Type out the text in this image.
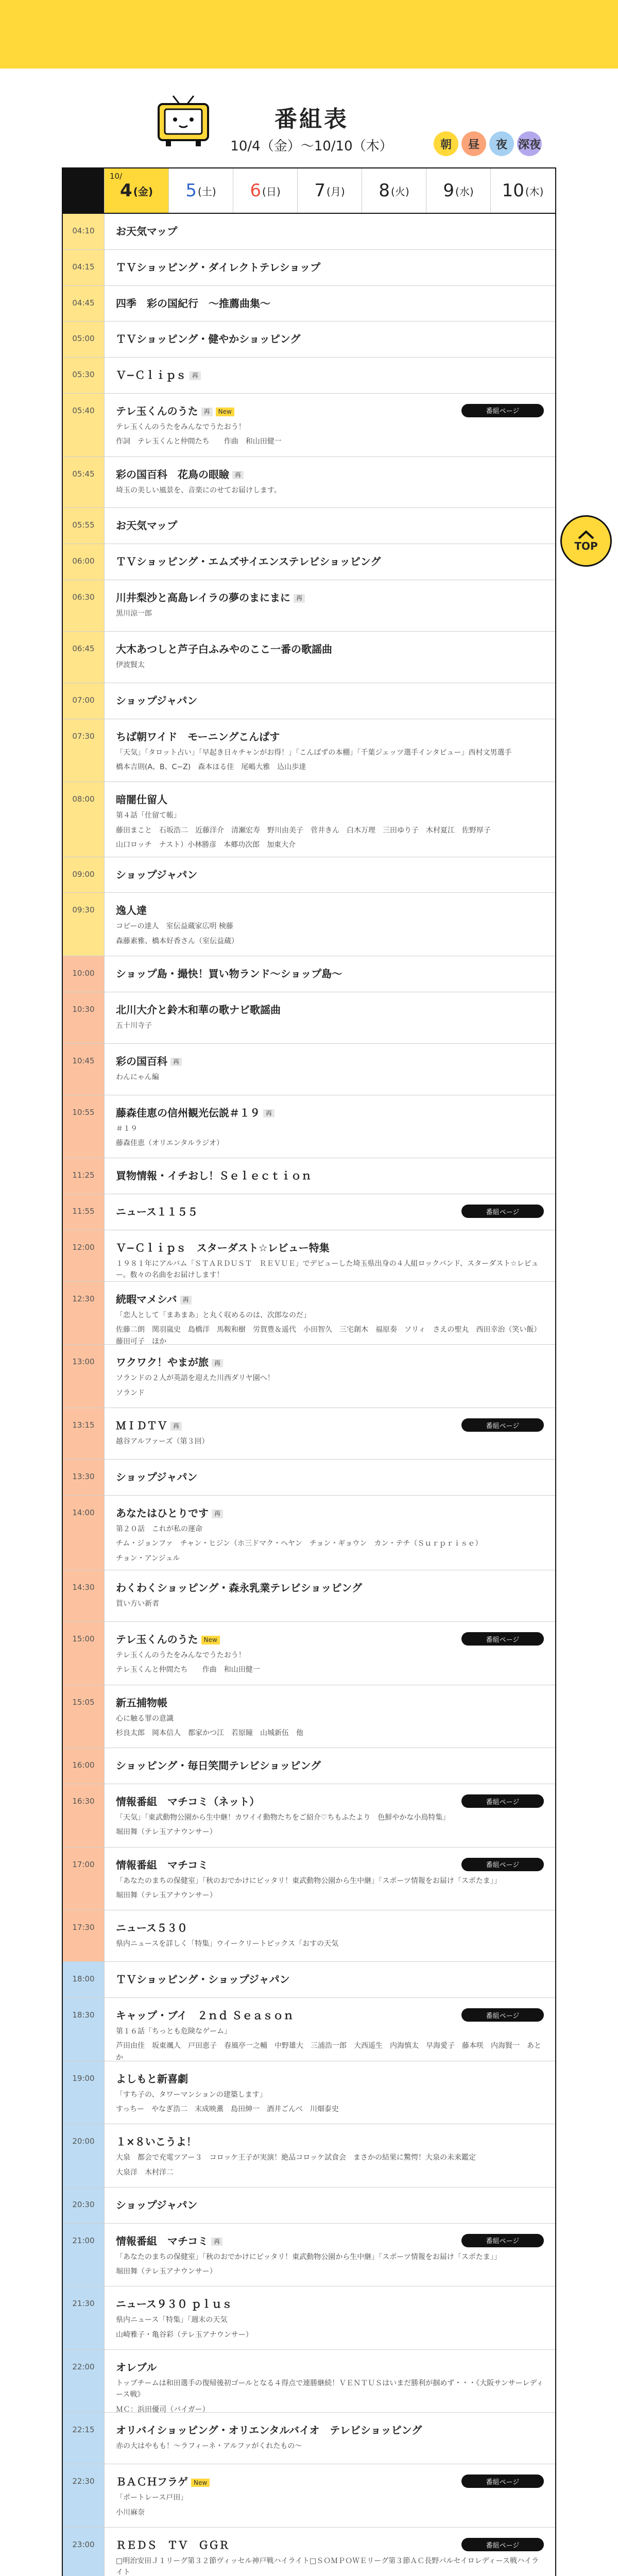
番組表
10/4（金）〜10/10（木）	朝	昼	夜 深夜
10/
4 (金) 5 (土) 6 (日) 7 (月) 8 (火) 9 (水) 10 (木)
04:10	お天気マップ
04:15	ＴＶショッピング・ダイレクトテレショップ
04:45	四季　彩の国紀行　〜推薦曲集〜
05:00	ＴＶショッピング・健やかショッピング
05:30	Ｖ−Ｃｌｉｐｓ 再
05:40	テレ玉くんのうた 再 New
テレ玉くんのうたをみんなでうたおう！
作詞　テレ玉くんと仲間たち　　作曲　和山田健一
番組ページ
05:45	彩の国百科　花鳥の眼瞼 再
埼玉の美しい風景を、音楽にのせてお届けします。
05:55	お天気マップ
06:00	ＴＶショッピング・エムズサイエンステレビショッピング
06:30	川井梨沙と高島レイラの夢のまにまに 再
黒川涼一郎
06:45	大木あつしと芦子白ふみやのここ一番の歌謡曲
伊波賢太
07:00	ショップジャパン
07:30	ちば朝ワイド　モーニングこんぱす
「天気」「タロット占い」「早起き日々チャンがお得！」「こんばずの本棚」「千葉ジェッツ選手インタビュー」西村文男選手
橋本吉則(A、B、C−Z)　森本ほる佳　尾嶋大雅　込山歩達
08:00	暗闇仕留人
第４話「仕留て帳」
藤田まこと　石坂浩二　近藤洋介　清瀬宏寿　野川由美子　菅井きん　白木万理　三田ゆり子　木村夏江　佐野厚子
山口ロッチ　ナスト）小林勝彦　本郷功次郎　加東大介
09:00	ショップジャパン
09:30	逸人達
コピーの達人　室伝益蔵家広明 検藤
森藤素雅、橋本好香さん（室伝益蔵）
10:00	ショップ島・撮快！買い物ランド〜ショップ島〜
10:30	北川大介と鈴木和華の歌ナビ歌謡曲
五十川寺子
10:45	彩の国百科 再
わんにゃん編
10:55	藤森佳恵の信州観光伝説＃１９ 再
＃１９
藤森佳恵（オリエンタルラジオ）
11:25	買物情報・イチおし！Ｓｅｌｅｃｔｉｏｎ
11:55	ニュース１１５５	番組ページ
12:00	Ｖ−Ｃｌｉｐｓ　スターダスト☆レビュー特集
１９８１年にアルバム「ＳＴＡＲＤＵＳＴ　ＲＥＶＵＥ」でデビューした埼玉県出身の４人組ロックバンド、スターダスト☆レビュー。数々の名曲をお届けします！
12:30	続暇マメシバ 再
「恋人として「まあまあ」と丸く収めるのは、次郎なのだ」
佐藤二朗　関羽嵐史　島橋洋　馬鞍和樹　労賀豊＆遥代　小田智久　三宅創木　福原奏　ソリィ　さえの聖丸　西田幸治（笑い飯）　藤田可子　ほか
13:00	ワクワク！やまが旅 再
ソランドの２人が英語を迎えた川西ダリヤ園へ！
ソランド
13:15	ＭＩＤＴＶ 再
越谷アルファーズ（第３回）
番組ページ
13:30	ショップジャパン
14:00	あなたはひとりです 再
第２０話　これが私の運命
チム・ジョンファ　チャン・ヒジン（ホ三ドマク・ヘヤン　チョン・ギョウン　カン・テチ（Ｓｕｒｐｒｉｓｅ）
チョン・アンジュル
14:30	わくわくショッピング・森永乳業テレビショッピング
買い方い新者
15:00	テレ玉くんのうた New
テレ玉くんのうたをみんなでうたおう！
テレ玉くんと仲間たち　　作曲　和山田健一
番組ページ
15:05	新五捕物帳
心に触る罪の意識
杉良太郎　岡本信人　都家かつ江　若原瞳　山城新伍　他
16:00	ショッピング・毎日笑間テレビショッピング
16:30	情報番組　マチコミ（ネット）
「天気」「東武動物公園から生中継！カワイイ動物たちをご紹介♡ちもふたより　色鮮やかな小鳥特集」
堀田舞（テレ玉アナウンサー）
番組ページ
17:00	情報番組　マチコミ
「あなたのまちの保健室」「秋のおでかけにピッタリ！東武動物公園から生中継」「スポーツ情報をお届け「スポたま」」
堀田舞（テレ玉アナウンサー）
番組ページ
17:30	ニュース５３０
県内ニュースを詳しく「特集」ウイークリートピックス「おすの天気
18:00	ＴＶショッピング・ショップジャパン
18:30	キャップ・ブイ　２ｎｄ Ｓｅａｓｏｎ
第１６話「ちっとも危険なゲーム」
芦田由佳　坂東颯人　戸田恵子　春風亭一之輔　中野雄大　三浦浩一郎　大西遥生　内海慎太　早海愛子　藤本咲　内海賢一　あとか
番組ページ
19:00	よしもと新喜劇
「すち子の、タワーマンションの建築します」
すっちー　やなぎ浩二　末成映薫　島田紳一　酒井ごんべ　川畑泰史
20:00	１×８いこうよ！
大泉　都会で充電ツアー３　コロッケ王子が実演！絶品コロッケ試食会　まさかの結果に驚愕！大泉の未来鑑定
大泉洋　木村洋二
20:30	ショップジャパン
21:00	情報番組　マチコミ 再
「あなたのまちの保健室」「秋のおでかけにピッタリ！東武動物公園から生中継」「スポーツ情報をお届け「スポたま」」
堀田舞（テレ玉アナウンサー）
番組ページ
21:30	ニュース９３０ ｐｌｕｓ
県内ニュース「特集」「週末の天気
山崎雅子・亀谷彩（テレ玉アナウンサー）
22:00	オレブル
トップチームは和田選手の復帰後初ゴールとなる４得点で連勝継続！ＶＥＮＴＵＳはいまだ勝利が掴めず・・・《大阪サンサーレディース戦》
ＭＣ：浜田優司（バイガー）
22:15	オリバイショッピング・オリエンタルバイオ　テレビショッピング
赤の大はやもも！〜ラフィーネ・アルファがくれたもの〜
22:30	ＢＡＣＨフラゲ New
「ポートレース戸田」
小川麻奈
番組ページ
23:00	ＲＥＤＳ　ＴＶ　ＧＧＲ
□明治安田Ｊ１リーグ第３２節ヴィッセル神戸戦ハイライト□ＳＯＭＰＯＷＥリーグ第３節ＡＣ長野パルセイロレディース戦ハイライト
番組ページ
TOP
